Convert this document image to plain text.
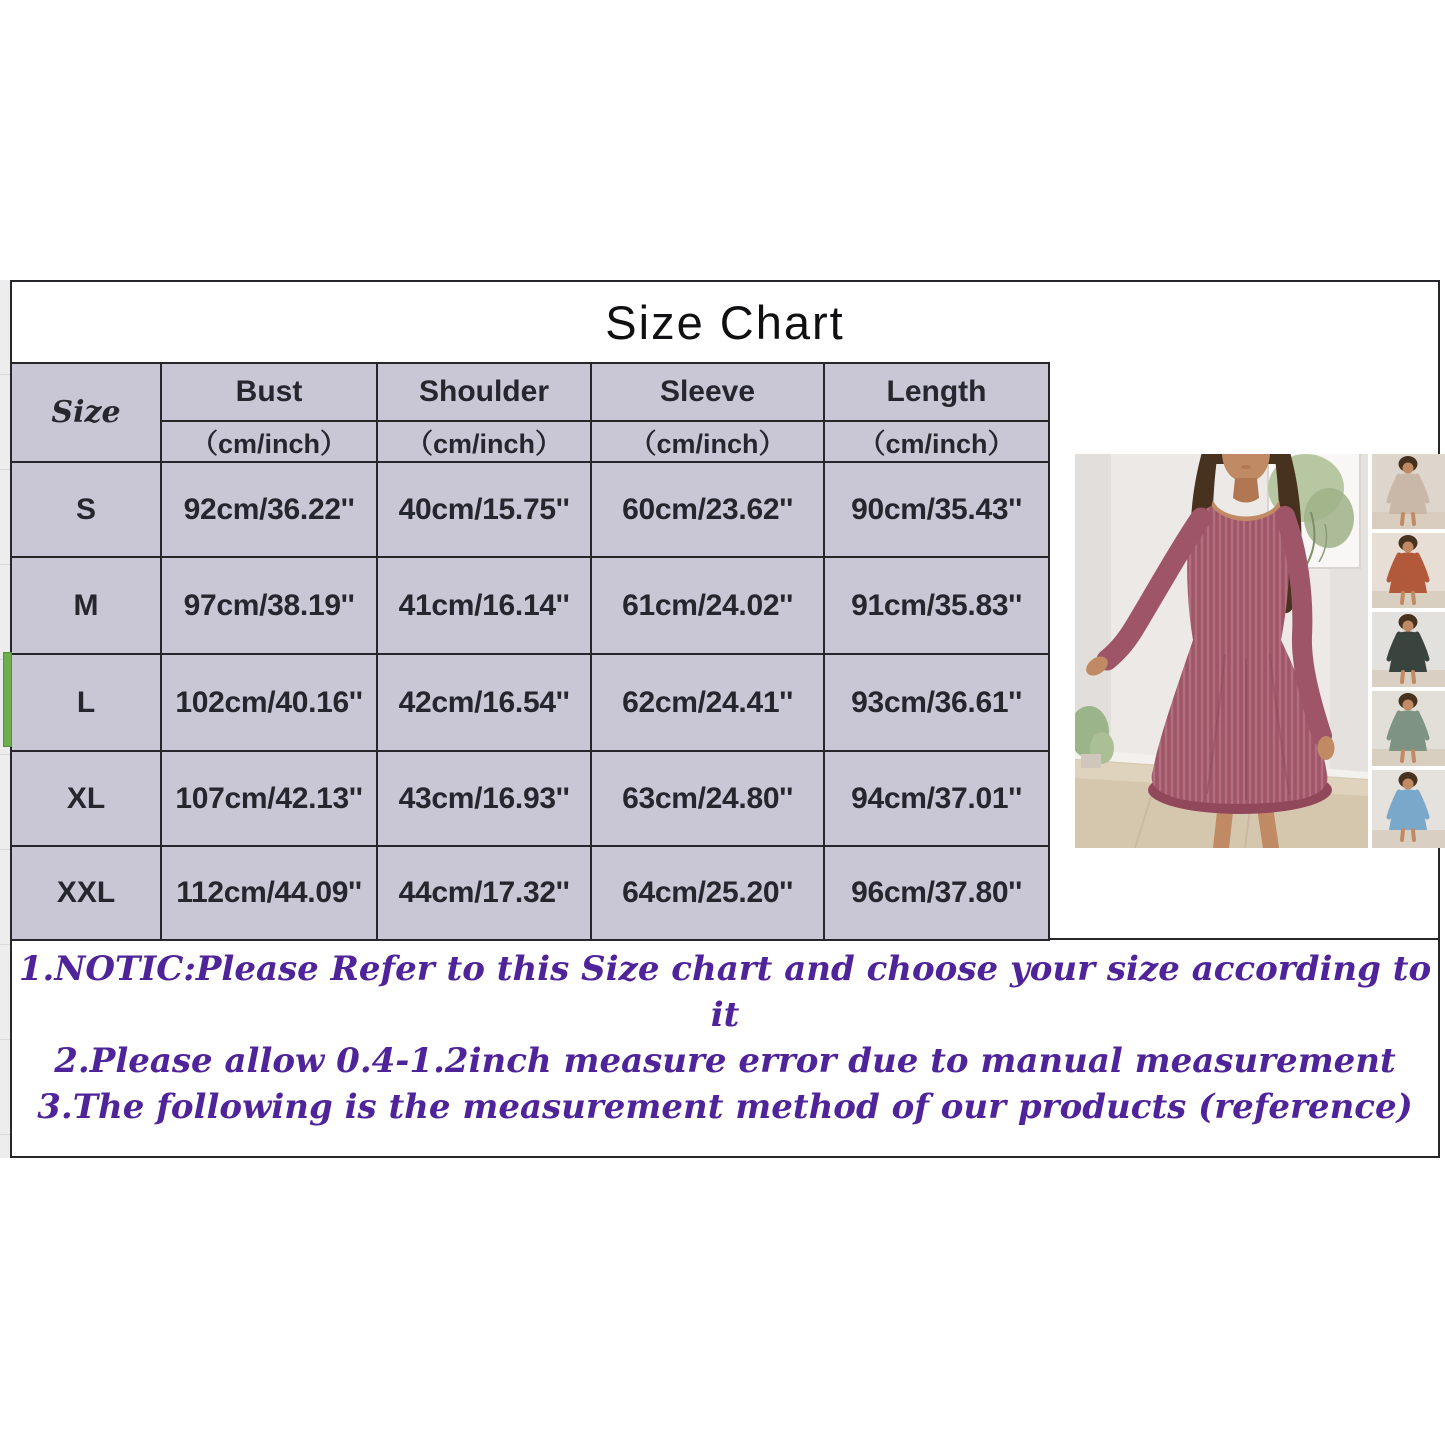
Size Chart
Size	Bust	Shoulder	Sleeve	Length
	（cm/inch）	（cm/inch）	（cm/inch）	（cm/inch）
S	92cm/36.22''	40cm/15.75''	60cm/23.62''	90cm/35.43''
M	97cm/38.19''	41cm/16.14''	61cm/24.02''	91cm/35.83''
L	102cm/40.16''	42cm/16.54''	62cm/24.41''	93cm/36.61''
XL	107cm/42.13''	43cm/16.93''	63cm/24.80''	94cm/37.01''
XXL	112cm/44.09''	44cm/17.32''	64cm/25.20''	96cm/37.80''

1.NOTIC:Please Refer to this Size chart and choose your size according to it

2.Please allow 0.4-1.2inch measure error due to manual measurement

3.The following is the measurement method of our products (reference)
